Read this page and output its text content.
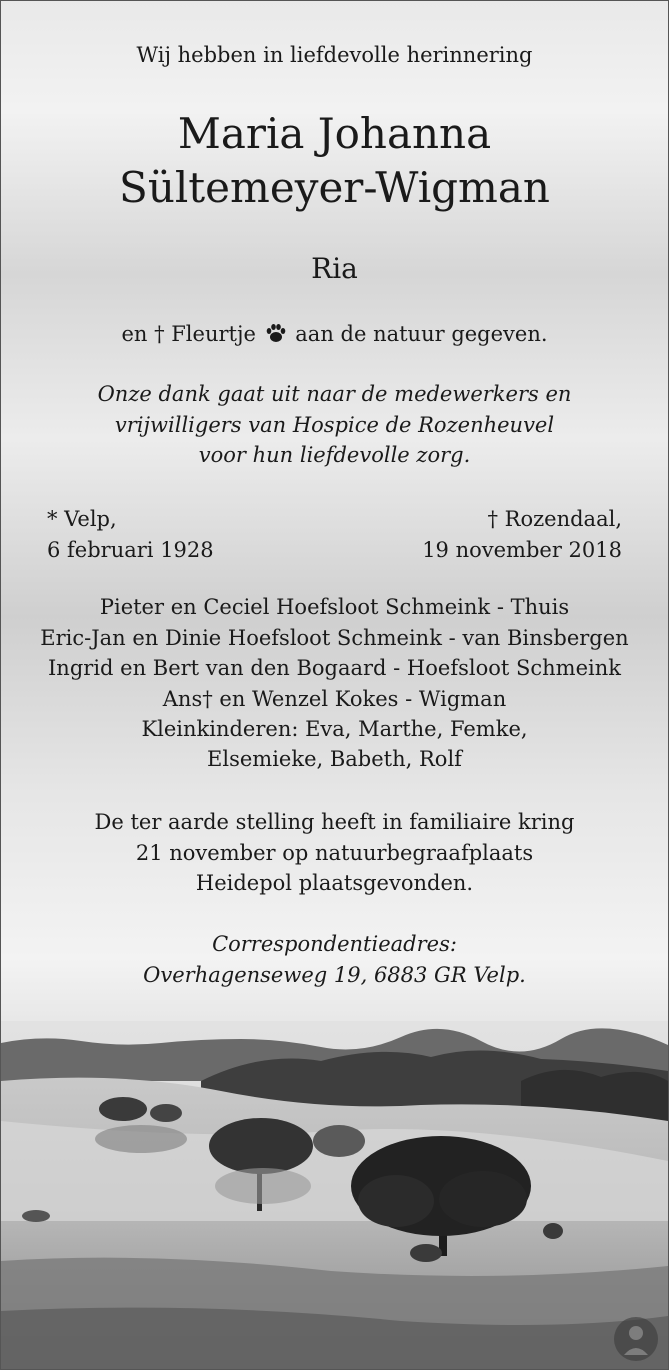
Wij hebben in liefdevolle herinnering
Maria Johanna
Sültemeyer-Wigman
Ria
en † Fleurtje aan de natuur gegeven.
Onze dank gaat uit naar de medewerkers en
vrijwilligers van Hospice de Rozenheuvel
voor hun liefdevolle zorg.
* Velp,
6 februari 1928
† Rozendaal,
19 november 2018
Pieter en Ceciel Hoefsloot Schmeink - Thuis
Eric-Jan en Dinie Hoefsloot Schmeink - van Binsbergen
Ingrid en Bert van den Bogaard - Hoefsloot Schmeink
Ans† en Wenzel Kokes - Wigman
Kleinkinderen: Eva, Marthe, Femke,
Elsemieke, Babeth, Rolf
De ter aarde stelling heeft in familiaire kring
21 november op natuurbegraafplaats
Heidepol plaatsgevonden.
Correspondentieadres:
Overhagenseweg 19, 6883 GR Velp.
